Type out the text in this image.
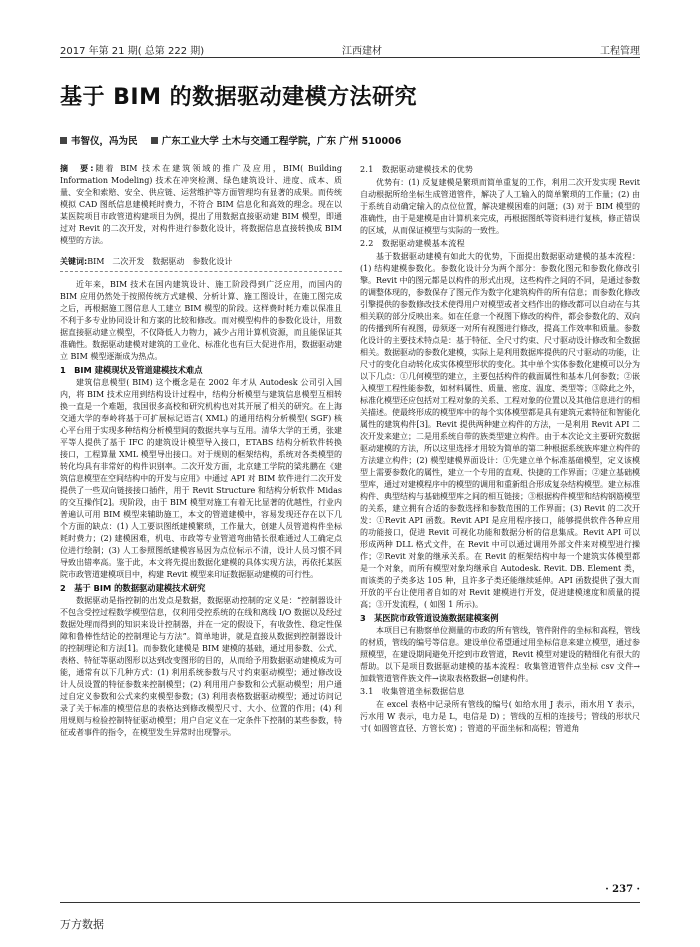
2017 年第 21 期( 总第 222 期)	江西建材	工程管理
基于 BIM 的数据驱动建模方法研究
韦智仪，冯为民	广东工业大学 土木与交通工程学院，广东 广州 510006
摘　要:随着 BIM 技术在建筑领域的推广及应用，BIM( Building Information Modeling) 技术在冲突检测、绿色建筑设计、进度、成本、质量、安全和索赔、安全、供应链、运营维护等方面管理均有显著的成果。而传统模拟 CAD 图纸信息建模耗时费力，不符合 BIM 信息化和高效的理念。现在以某医院项目市政管道构建项目为例，提出了用数据直接驱动建 BIM 模型，即通过对 Revit 的二次开发，对构件进行参数化设计，将数据信息直接转换成 BIM 模型的方法。
关键词:BIM　二次开发　数据驱动　参数化设计

近年来，BIM 技术在国内建筑设计、施工阶段得到广泛应用，而国内的 BIM 应用仍然处于按照传统方式建模、分析计算、施工图设计，在施工图完成之后，再根据施工图信息人工建立 BIM 模型的阶段。这样费时耗力难以保准且不利于多专业协同设计和方案的比较和修改。而对模型构件的参数化设计，用数据直接驱动建立模型，不仅降低人力物力，减少占用计算机资源，而且能保证其准确性。数据驱动建模对建筑的工业化、标准化也有巨大促进作用，数据驱动建立 BIM 模型逐渐成为热点。

1　BIM 建模现状及管道建模技术难点

建筑信息模型( BIM) 这个概念是在 2002 年才从 Autodesk 公司引入国内，将 BIM 技术应用到结构设计过程中，结构分析模型与建筑信息模型互相转换一直是一个难题，我国很多高校和研究机构也对其开展了相关的研究。在上海交通大学的奉岭将基于可扩展标记语言( XML) 的通用结构分析模型( SGF) 核心平台用于实现多种结构分析模型间的数据共享与互用。清华大学的王勇，张建平等人提供了基于 IFC 的建筑设计模型导入接口，ETABS 结构分析软件转换接口，工程算量 XML 模型导出接口。对于规则的框架结构，系统对各类模型的转化均具有非常好的构件识别率。二次开发方面，北京建工学院的梁兆鹏在《建筑信息模型在空间结构中的开发与应用》中通过 API 对 BIM 软件进行二次开发提供了一些双向链接接口插件，用于 Revit Structure 和结构分析软件 Midas 的交互操作[2]。现阶段，由于 BIM 模型对施工有着无比显著的优越性，行业内普遍认可用 BIM 模型来辅助施工，本文的管道建模中，容易发现还存在以下几个方面的缺点：(1) 人工要识图纸建模繁琐，工作量大，创建人员管道构件坐标耗时费力；(2) 建模困难，机电、市政等专业管道弯曲错长很难通过人工确定点位进行绘制；(3) 人工参照图纸建模容易因为点位标示不清，设计人员习惯不同导致出错率高。鉴于此，本文将先提出数据化建模的具体实现方法，再依托某医院市政管道建模项目中，构建 Revit 模型来印证数据驱动建模的可行性。

2　基于 BIM 的数据驱动建模技术研究

数据驱动是指控制的出发点是数据，数据驱动控制的定义是：“控制器设计不包含受控过程数学模型信息，仅利用受控系统的在线和离线 I/O 数据以及经过数据处理而得到的知识来设计控制器，并在一定的假设下，有收敛性、稳定性保障和鲁棒性结论的控制理论与方法”。简单地讲，就是直接从数据到控制器设计的控制理论和方法[1]。而参数化建模是 BIM 建模的基础，通过用参数、公式、表格、特征等驱动图形以达到改变图形的目的，从而给予用数据驱动建模成为可能，通常有以下几种方式：(1) 利用系统参数与尺寸约束驱动模型；通过修改设计人员设置的特征参数来控制模型；(2) 利用用户参数和公式驱动模型；用户通过自定义参数和公式来约束模型参数；(3) 利用表格数据驱动模型；通过访问记录了关于标准的模型信息的表格达到修改模型尺寸、大小、位置的作用；(4) 利用规则与检验控制特征驱动模型；用户自定义在一定条件下控制的某些参数，特征或者事件的指令，在模型发生异常时出现警示。

2.1　数据驱动建模技术的优势

优势有：(1) 反复建模是繁琐而简单重复的工作，利用二次开发实现 Revit 自动根据所给坐标生成管道管件，解决了人工输入的简单繁琐的工作量；(2) 由于系统自动确定输入的点位位置，解决建模困难的问题；(3) 对于 BIM 模型的准确性，由于是建模是由计算机来完成，再根据图纸等资料进行复核，修正错误的区域，从而保证模型与实际的一致性。

2.2　数据驱动建模基本流程

基于数据驱动建模有如此大的优势，下面提出数据驱动建模的基本流程：(1) 结构建模参数化。参数化设计分为两个部分：参数化图元和参数化修改引擎。Revit 中的图元都是以构件的形式出现，这些构件之间的不同，是通过参数的调整体现的，参数保存了图元作为数字化建筑构件的所有信息；而参数化修改引擎提供的参数修改技术使得用户对模型或者文档作出的修改都可以自动在与其相关联的部分反映出来。如在任意一个视图下修改的构件，都会参数化的、双向的传播到所有视图，毋须逐一对所有视图进行修改，提高工作效率和质量。参数化设计的主要技术特点是：基于特征、全尺寸约束、尺寸驱动设计修改和全数据相关。数据驱动的参数化建模，实际上是利用数据库提供的尺寸驱动的功能，让尺寸的变化自动转化成实体模型形状的变化。其中单个实体参数化建模可以分为以下几点：①几何模型的建立，主要包括构件的截面属性和基本几何参数；②嵌入模型工程性能参数，如材料属性、质量、密度、温度、类型等；③除此之外，标准化模型还应包括对工程对象的关系、工程对象的位置以及其他信息进行的相关描述。使最终形成的模型库中的每个实体模型都是具有建筑元素特征和智能化属性的建筑构件[3]。Revit 提供两种建立构件的方法，一是利用 Revit API 二次开发来建立；二是用系统自带的族类型建立构件。由于本次论文主要研究数据驱动建模的方法，所以这里选择才用较为简单的第二种根据系统族库建立构件的方法建立构件；(2) 模型建模界面设计：①先建立单个标准基础模型，定义该模型上需要参数化的属性，建立一个专用的直观、快捷的工作界面；②建立基础模型库，通过对建模程序中的模型的调用和重新组合形成复杂结构模型。建立标准构件、典型结构与基础模型库之间的相互链接；③根据构件模型和结构钢筋模型的关系，建立拥有合适的参数选择和参数范围的工作界面；(3) Revit 的二次开发：①Revit API 函数。Revit API 是应用程序接口，能够提供软件各种应用的功能接口，促进 Revit 可视化功能和数据分析的信息集成。Revit API 可以形成两种 DLL 格式文件，在 Revit 中可以通过调用外部文件来对模型进行操作；②Revit 对象的继承关系。在 Revit 的框架结构中每一个建筑实体模型都是一个对象，而所有模型对象均继承自 Autodesk. Revit. DB. Element 类，而该类的子类多达 105 种，且许多子类还能继续延伸。API 函数提供了强大而开放的平台让使用者自如的对 Revit 建模进行开发，促进建模速度和质量的提高；③开发流程，( 如图 1 所示)。

3　某医院市政管道设施数据建模案例

本项目已有勘察单位测量的市政的所有管线，管件附件的坐标和高程，管线的材质，管线的编号等信息。建设单位希望通过用坐标信息来建立模型，通过参照模型，在建设期间避免开挖到市政管道，Revit 模型对建设的精细化有很大的帮助。以下是项目数据驱动建模的基本流程：收集管道管件点坐标 csv 文件→加载管道管件族文件→读取表格数据→创建构件。

3.1　收集管道坐标数据信息

在 excel 表格中记录所有管线的编号( 如给水用 J 表示，雨水用 Y 表示，污水用 W 表示，电力是 L，电信是 D) ；管线的互相的连接号；管线的形状尺寸( 如圆管直径、方管长宽) ；管道的平面坐标和高程；管道角

· 237 ·
万方数据
